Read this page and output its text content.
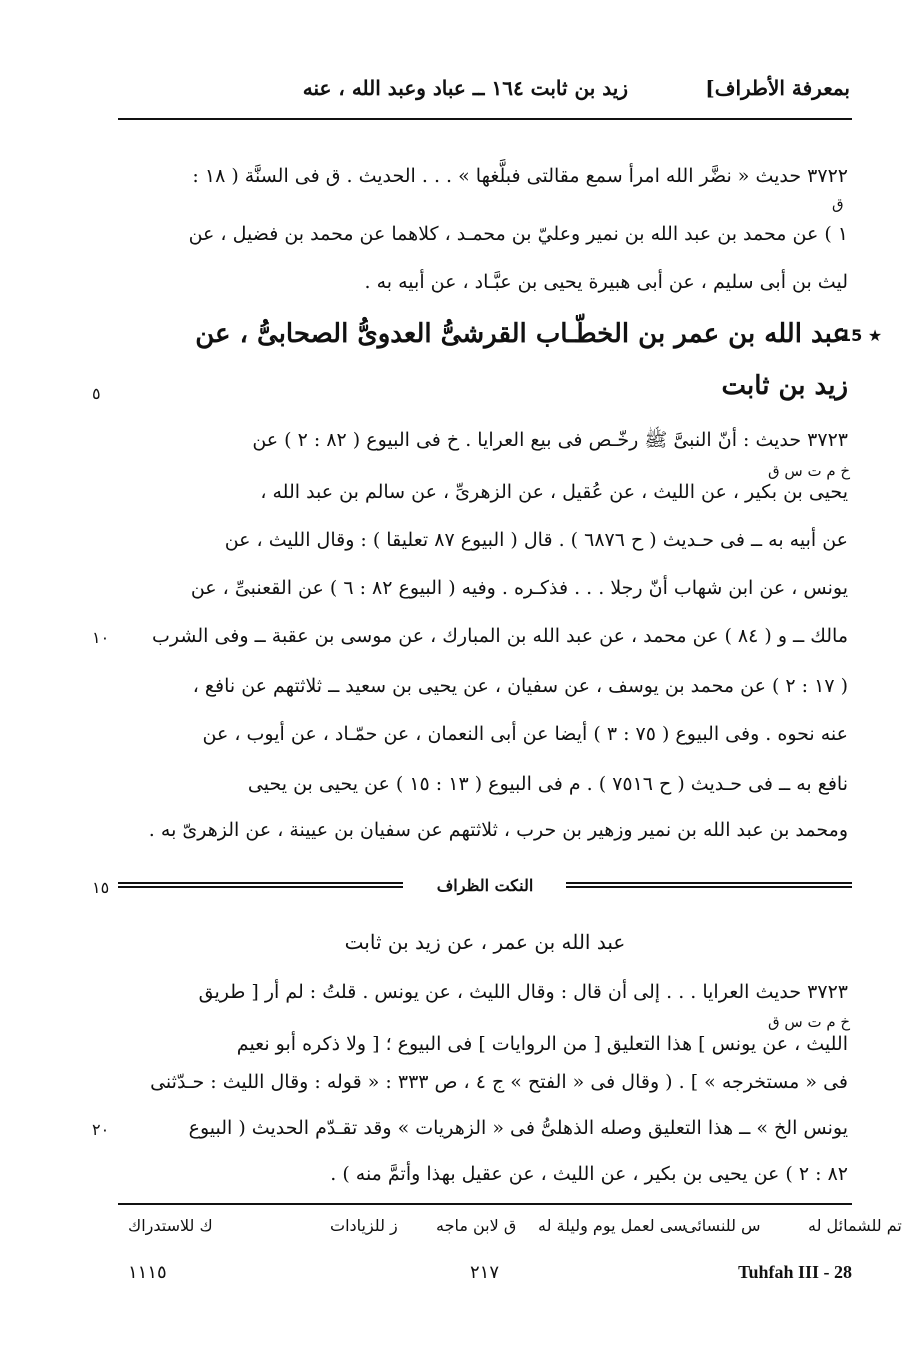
بمعرفة الأطراف]
زيد بن ثابت ١٦٤ ــ عباد وعبد الله ، عنه
٣٧٢٢ حديث « نضَّر الله امرأ سمع مقالتى فبلَّغها » . . . الحديث . ق فى السنَّة ( ١٨ :
١ ) عن محمد بن عبد الله بن نمير وعليّ بن محمـد ، كلاهما عن محمد بن فضيل ، عن
ليث بن أبى سليم ، عن أبى هبيرة يحيى بن عبَّـاد ، عن أبيه به .
عبد الله بن عمر بن الخطّـاب القرشىُّ العدوىُّ الصحابىُّ ، عن
زيد بن ثابت
٣٧٢٣ حديث : أنّ النبىَّ ﷺ رخّـص فى بيع العرايا . خ فى البيوع ( ٨٢ : ٢ ) عن
يحيى بن بكير ، عن الليث ، عن عُقيل ، عن الزهرىِّ ، عن سالم بن عبد الله ،
عن أبيه به ــ فى حـديث ( ح ٦٨٧٦ ) . قال ( البيوع ٨٧ تعليقا ) : وقال الليث ، عن
يونس ، عن ابن شهاب أنّ رجلا . . . فذكـره . وفيه ( البيوع ٨٢ : ٦ ) عن القعنبىِّ ، عن
مالك ــ و ( ٨٤ ) عن محمد ، عن عبد الله بن المبارك ، عن موسى بن عقبة ــ وفى الشرب
( ١٧ : ٢ ) عن محمد بن يوسف ، عن سفيان ، عن يحيى بن سعيد ــ ثلاثتهم عن نافع ،
عنه نحوه . وفى البيوع ( ٧٥ : ٣ ) أيضا عن أبى النعمان ، عن حمّـاد ، عن أيوب ، عن
نافع به ــ فى حـديث ( ح ٧٥١٦ ) . م فى البيوع ( ١٣ : ١٥ ) عن يحيى بن يحيى
ومحمد بن عبد الله بن نمير وزهير بن حرب ، ثلاثتهم عن سفيان بن عيينة ، عن الزهرىّ به .
٣٧٢٣ حديث العرايا . . . إلى أن قال : وقال الليث ، عن يونس . قلتُ : لم أر [ طريق
الليث ، عن يونس ] هذا التعليق [ من الروايات ] فى البيوع ؛ [ ولا ذكره أبو نعيم
فى « مستخرجه » ] . ( وقال فى « الفتح » ج ٤ ، ص ٣٣٣ : « قوله : وقال الليث : حـدّثنى
يونس الخ » ــ هذا التعليق وصله الذهلىُّ فى « الزهريات » وقد تقـدّم الحديث ( البيوع
٨٢ : ٢ ) عن يحيى بن بكير ، عن الليث ، عن عقيل بهذا وأتمَّ منه ) .
ق
خ م ت س ق
خ م ت س ق
٥
١٠
١٥
٢٠
15 ★
النكت الظراف
عبد الله بن عمر ، عن زيد بن ثابت
تم للشمائل له
س للنسائى
سى لعمل يوم وليلة له
ق لابن ماجه
ز للزيادات
ك للاستدراك
١١١٥	٢١٧	Tuhfah III - 28
